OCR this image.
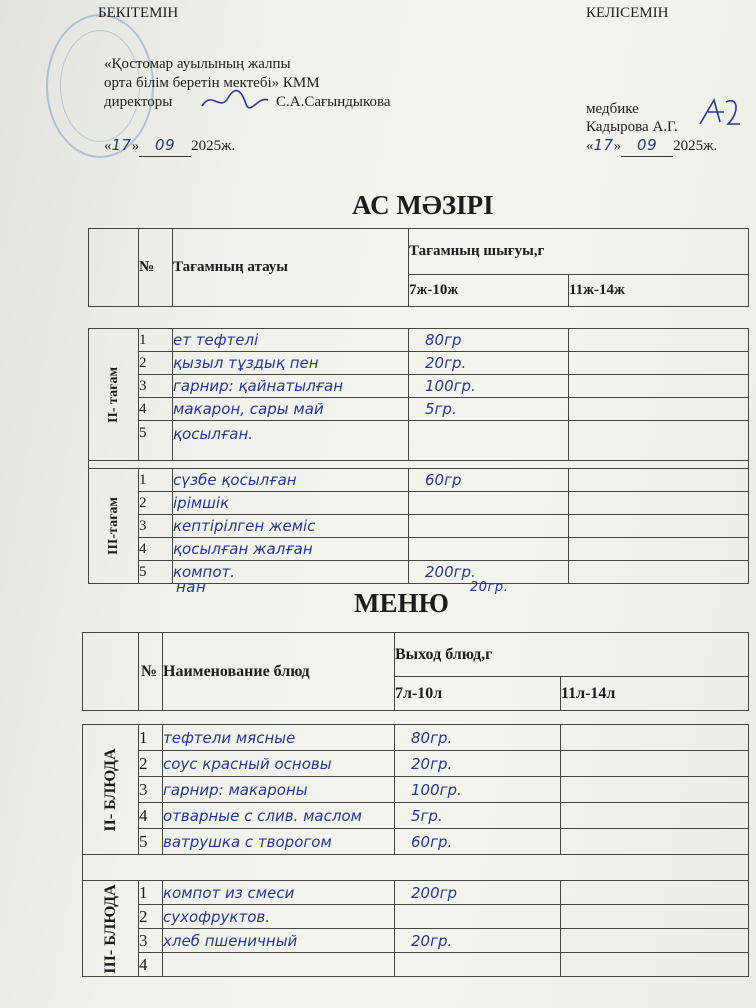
БЕКІТЕМІН	КЕЛІСЕМІН
«Қостомар ауылының жалпы
орта білім беретін мектебі» КММ
директоры	С.А.Сағындыкова
«17» 09 2025ж.
медбике
Кадырова А.Г.
«17» 09 2025ж.
АС МӘЗІРІ
	№	Тағамның атауы	Тағамның шығуы,г	
			7ж-10ж	11ж-14ж
II- тағам	1	ет тефтелі	80гр	
	2	қызыл тұздық пен	20гр.	
	3	гарнир: қайнатылған	100гр.	
	4	макарон, сары май	5гр.	
	5	қосылған.		

III-тағам	1	сүзбе қосылған	60гр	
	2	ірімшік		
	3	кептірілген жеміс		
	4	қосылған жалған		
	5	компот.	200гр.	
нан	20гр.
МЕНЮ
	№	Наименование блюд	Выход блюд,г	
			7л-10л	11л-14л
II- БЛЮДА	1	тефтели мясные	80гр.	
	2	соус красный основы	20гр.	
	3	гарнир: макароны	100гр.	
	4	отварные с слив. маслом	5гр.	
	5	ватрушка с творогом	60гр.	

III- БЛЮДА	1	компот из смеси	200гр	
	2	сухофруктов.		
	3	хлеб пшеничный	20гр.	
	4			
